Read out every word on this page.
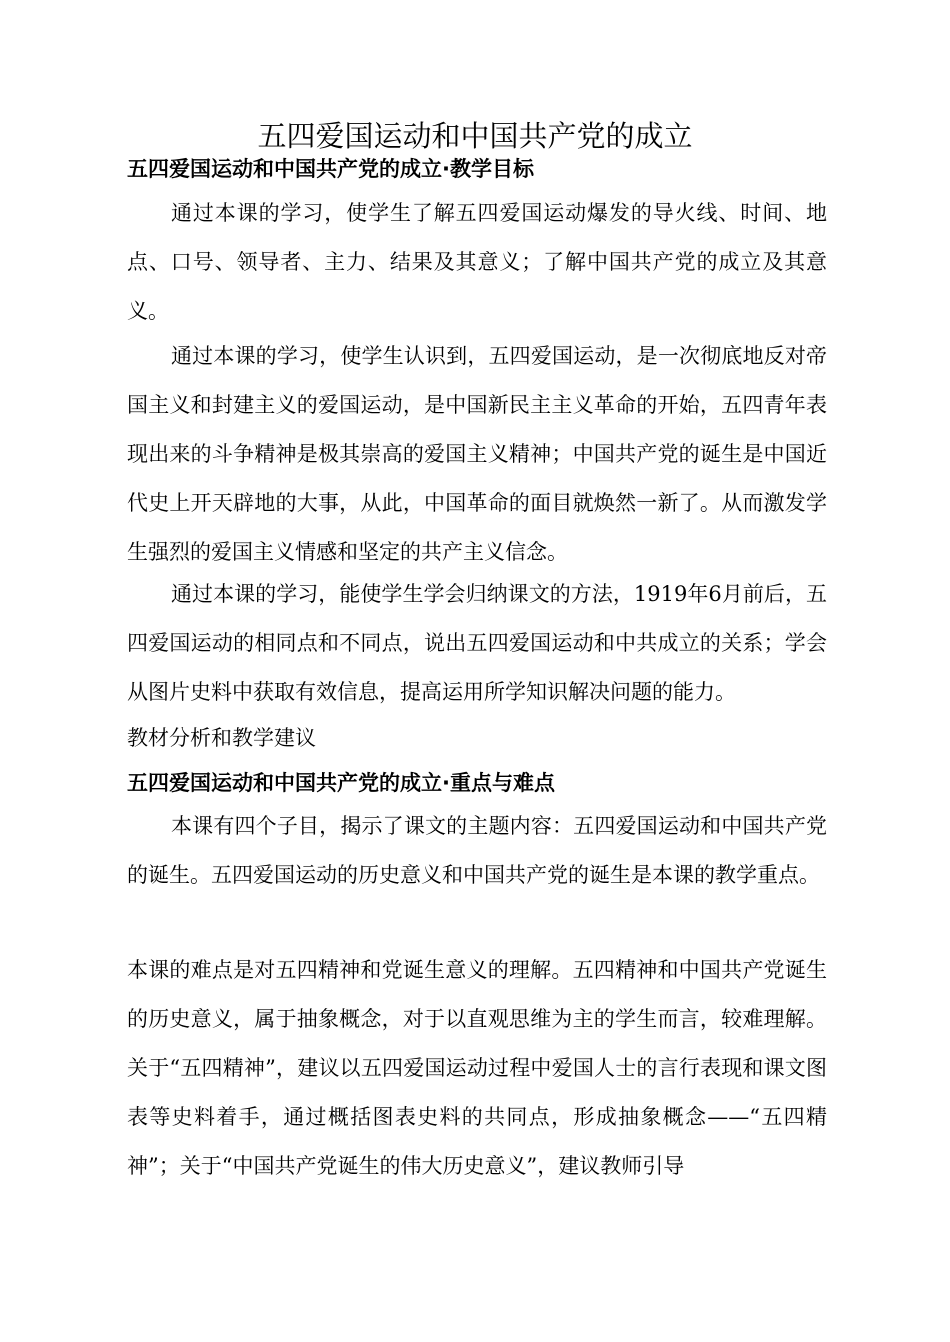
五四爱国运动和中国共产党的成立
五四爱国运动和中国共产党的成立·教学目标

通过本课的学习，使学生了解五四爱国运动爆发的导火线、时间、地点、口号、领导者、主力、结果及其意义；了解中国共产党的成立及其意义。

通过本课的学习，使学生认识到，五四爱国运动，是一次彻底地反对帝国主义和封建主义的爱国运动，是中国新民主主义革命的开始，五四青年表现出来的斗争精神是极其崇高的爱国主义精神；中国共产党的诞生是中国近代史上开天辟地的大事，从此，中国革命的面目就焕然一新了。从而激发学生强烈的爱国主义情感和坚定的共产主义信念。

通过本课的学习，能使学生学会归纳课文的方法，1919年6月前后，五四爱国运动的相同点和不同点，说出五四爱国运动和中共成立的关系；学会从图片史料中获取有效信息，提高运用所学知识解决问题的能力。

教材分析和教学建议

五四爱国运动和中国共产党的成立·重点与难点

本课有四个子目，揭示了课文的主题内容：五四爱国运动和中国共产党的诞生。五四爱国运动的历史意义和中国共产党的诞生是本课的教学重点。

本课的难点是对五四精神和党诞生意义的理解。五四精神和中国共产党诞生的历史意义，属于抽象概念，对于以直观思维为主的学生而言，较难理解。关于“五四精神”，建议以五四爱国运动过程中爱国人士的言行表现和课文图表等史料着手，通过概括图表史料的共同点，形成抽象概念——“五四精神”；关于“中国共产党诞生的伟大历史意义”，建议教师引导
